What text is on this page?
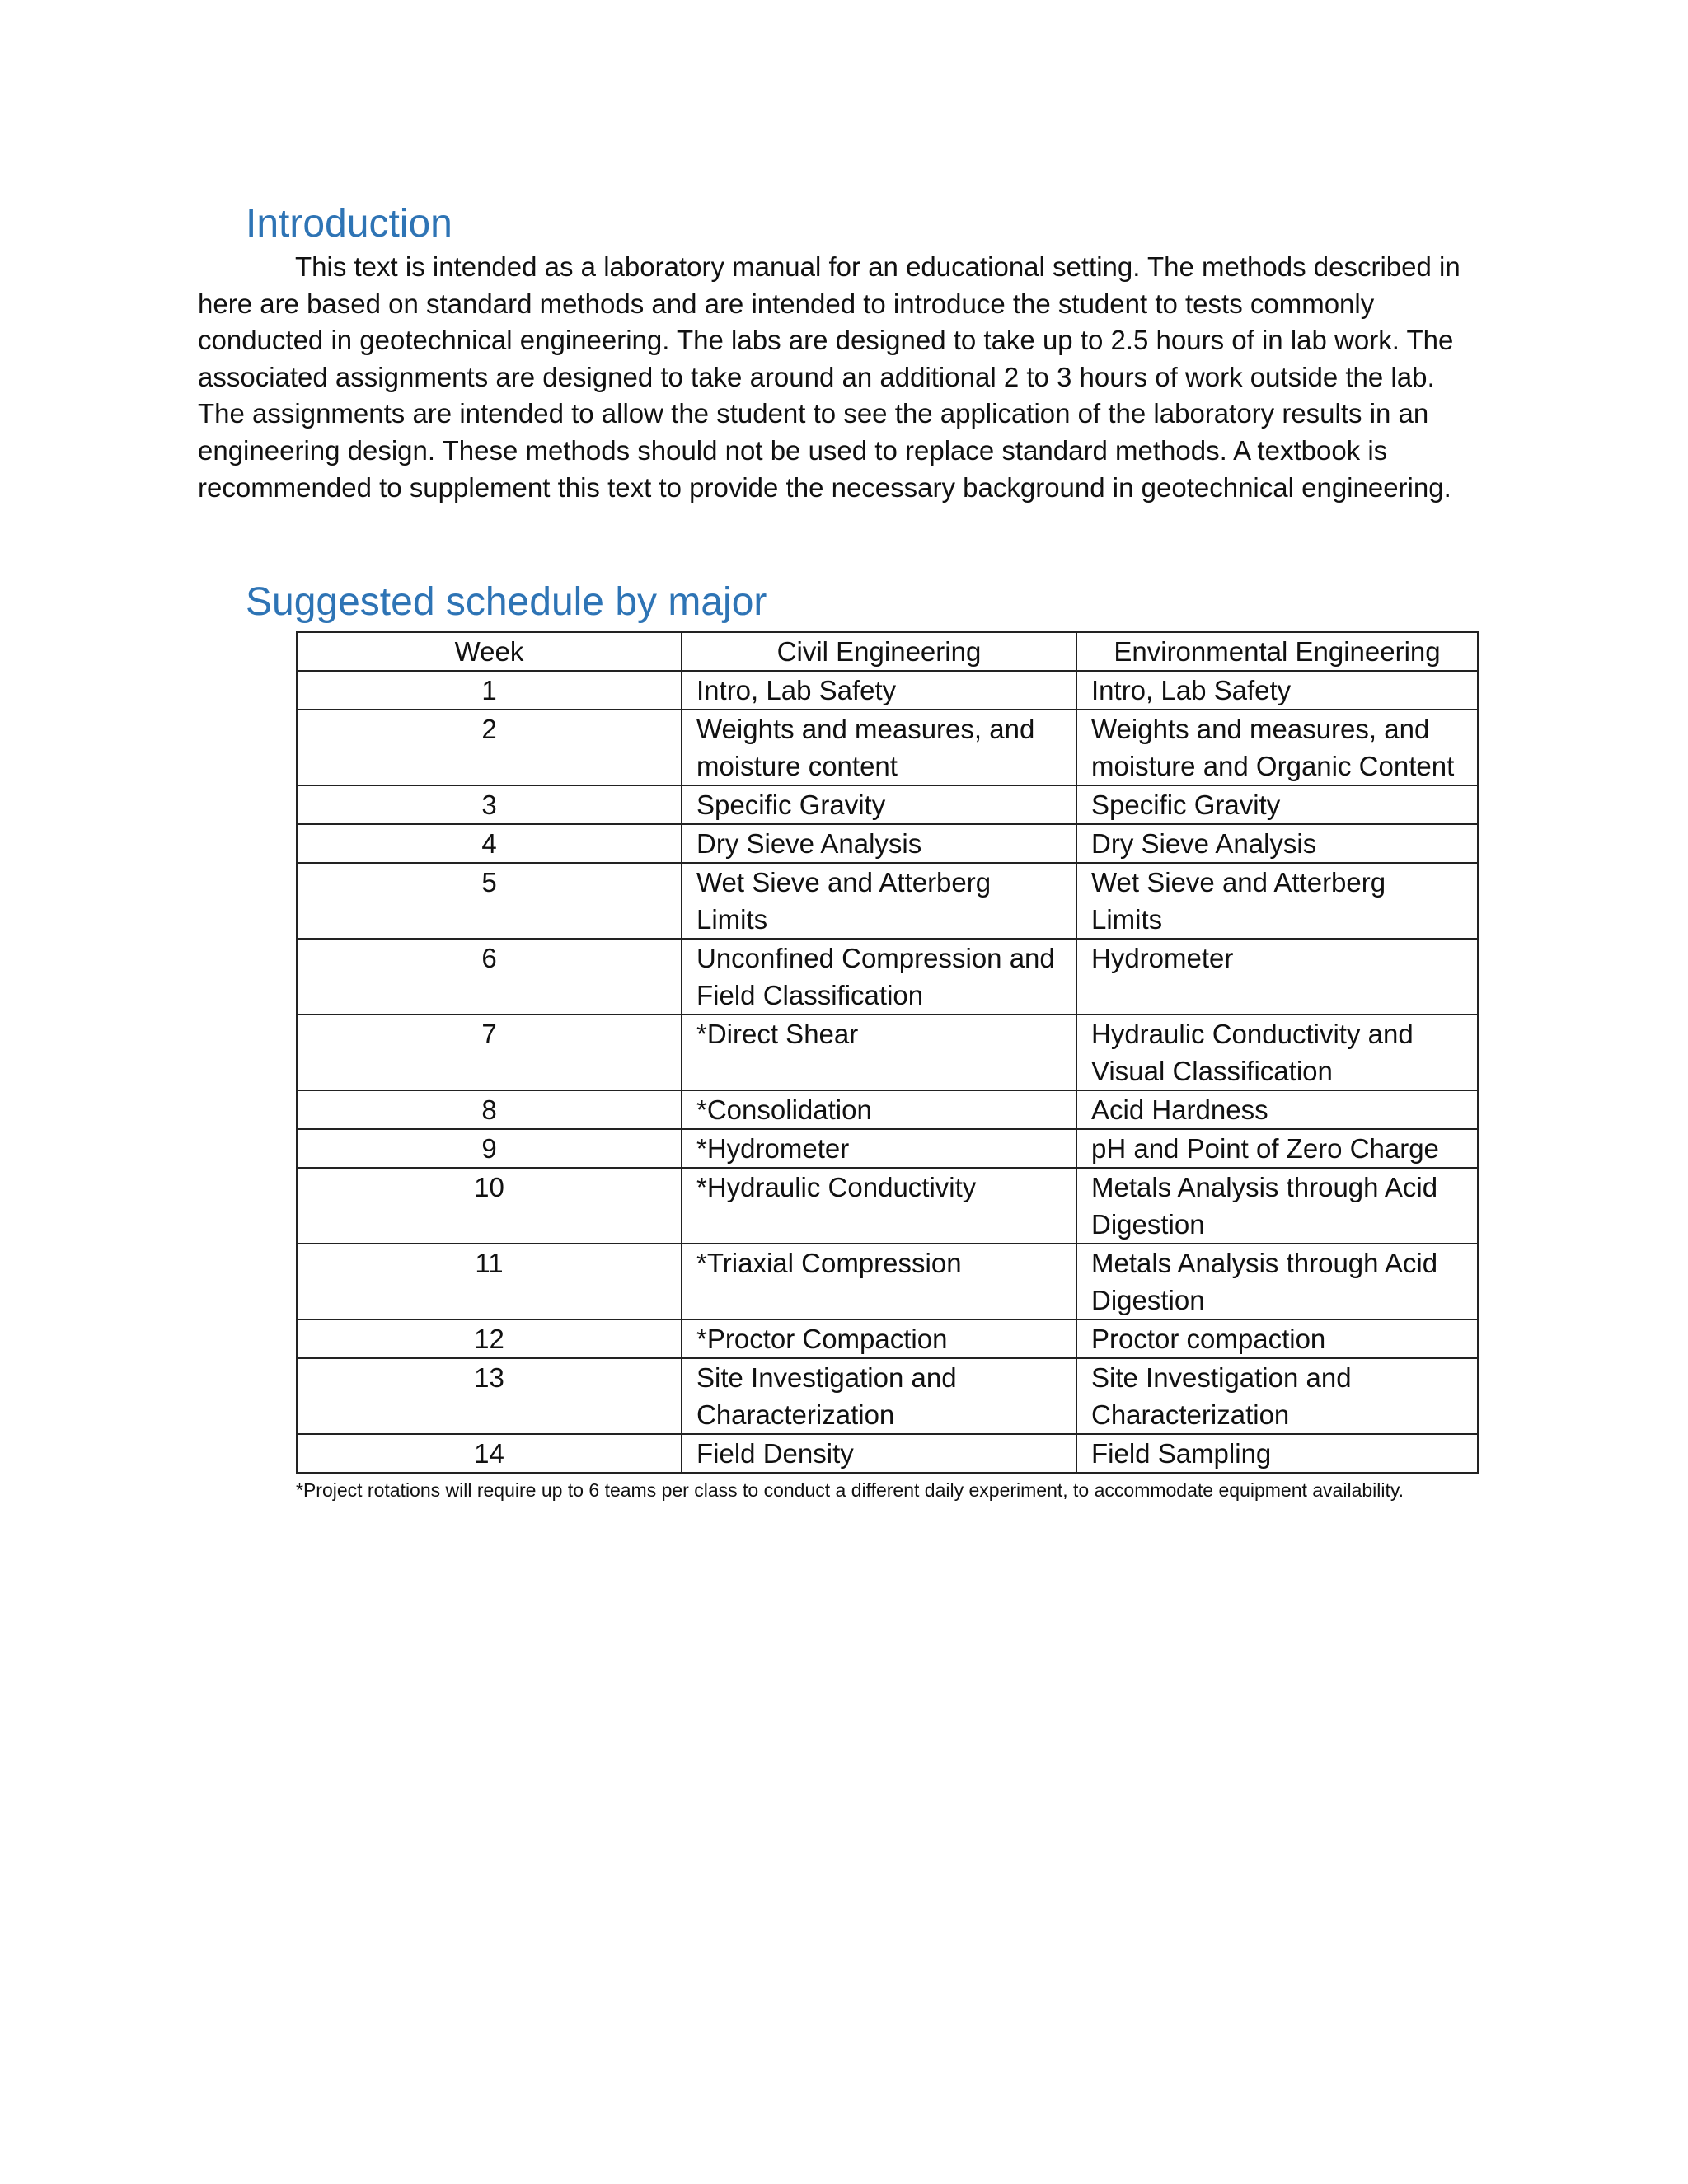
Introduction

This text is intended as a laboratory manual for an educational setting. The methods described in here are based on standard methods and are intended to introduce the student to tests commonly conducted in geotechnical engineering. The labs are designed to take up to 2.5 hours of in lab work. The associated assignments are designed to take around an additional 2 to 3 hours of work outside the lab. The assignments are intended to allow the student to see the application of the laboratory results in an engineering design. These methods should not be used to replace standard methods. A textbook is recommended to supplement this text to provide the necessary background in geotechnical engineering.

Suggested schedule by major
Week	Civil Engineering	Environmental Engineering
1	Intro, Lab Safety	Intro, Lab Safety
2	Weights and measures, and moisture content	Weights and measures, and moisture and Organic Content
3	Specific Gravity	Specific Gravity
4	Dry Sieve Analysis	Dry Sieve Analysis
5	Wet Sieve and Atterberg Limits	Wet Sieve and Atterberg Limits
6	Unconfined Compression and Field Classification	Hydrometer
7	*Direct Shear	Hydraulic Conductivity and Visual Classification
8	*Consolidation	Acid Hardness
9	*Hydrometer	pH and Point of Zero Charge
10	*Hydraulic Conductivity	Metals Analysis through Acid Digestion
11	*Triaxial Compression	Metals Analysis through Acid Digestion
12	*Proctor Compaction	Proctor compaction
13	Site Investigation and Characterization	Site Investigation and Characterization
14	Field Density	Field Sampling

*Project rotations will require up to 6 teams per class to conduct a different daily experiment, to accommodate equipment availability.
